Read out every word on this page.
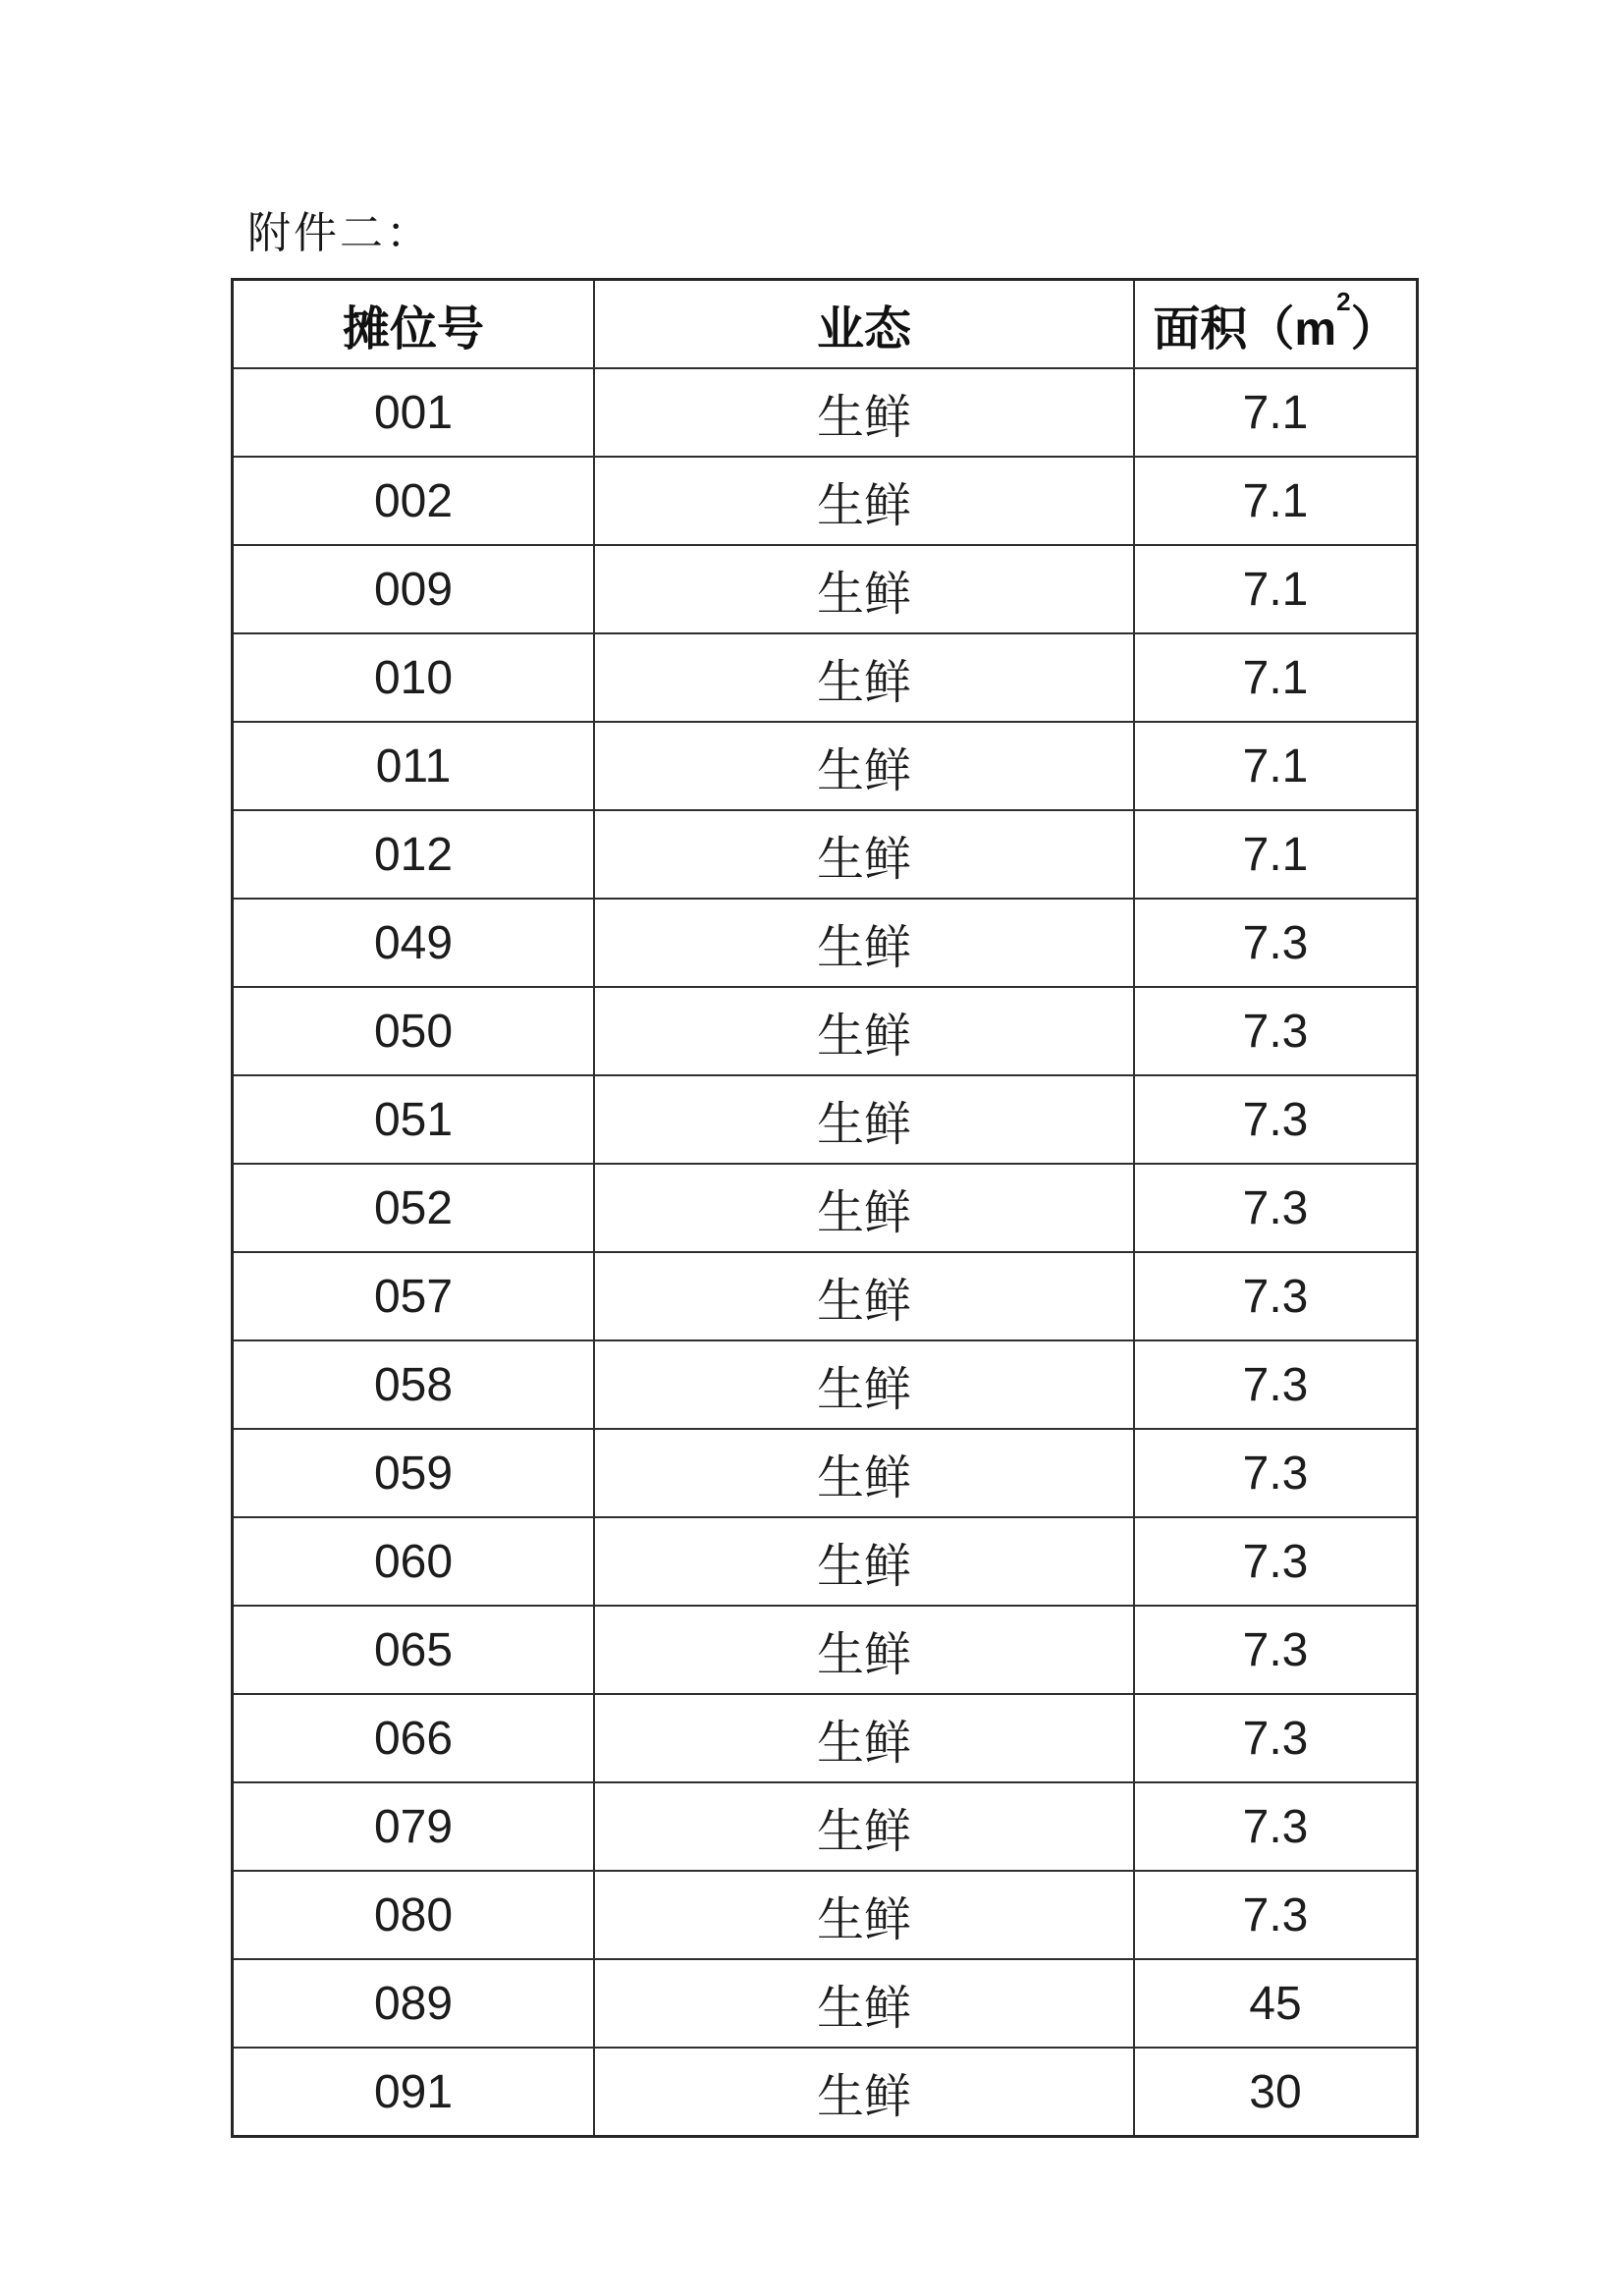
附件二：
摊位号	业态	面积$(m^2)$
001	生鲜	7.1
002	生鲜	7.1
009	生鲜	7.1
010	生鲜	7.1
011	生鲜	7.1
012	生鲜	7.1
049	生鲜	7.3
050	生鲜	7.3
051	生鲜	7.3
052	生鲜	7.3
057	生鲜	7.3
058	生鲜	7.3
059	生鲜	7.3
060	生鲜	7.3
065	生鲜	7.3
066	生鲜	7.3
079	生鲜	7.3
080	生鲜	7.3
089	生鲜	45
091	生鲜	30
